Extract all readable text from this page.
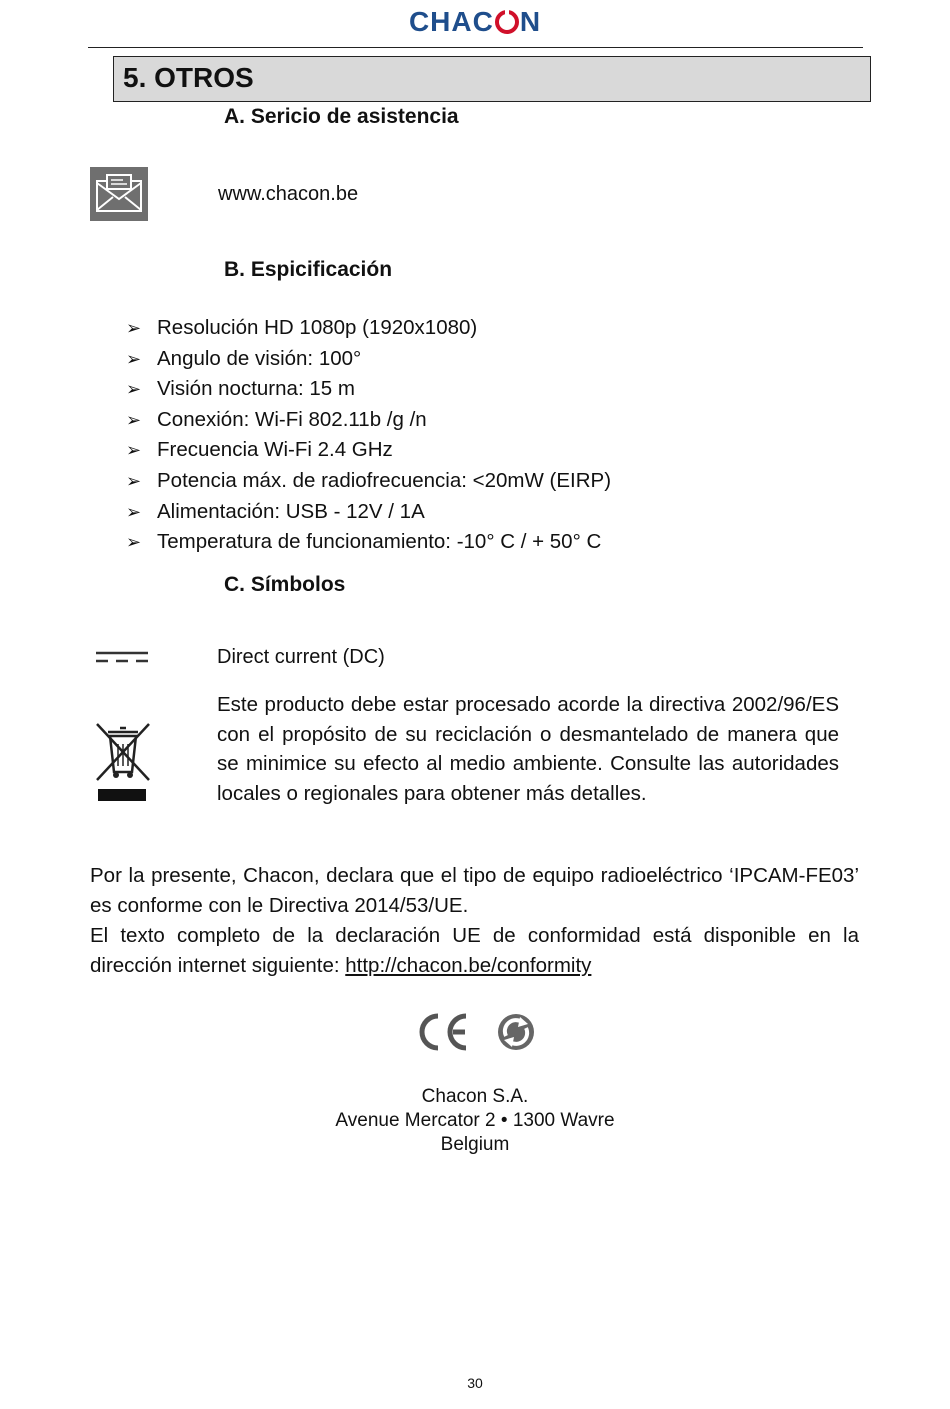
CHAC N
5. OTROS
A. Sericio de asistencia
www.chacon.be
B. Espicificación
➢ Resolución HD 1080p (1920x1080)
➢ Angulo de visión: 100°
➢ Visión nocturna: 15 m
➢ Conexión: Wi-Fi 802.11b /g /n
➢ Frecuencia Wi-Fi 2.4 GHz
➢ Potencia máx. de radiofrecuencia: <20mW (EIRP)
➢ Alimentación: USB - 12V / 1A
➢ Temperatura de funcionamiento: -10° C / + 50° C
C. Símbolos
Direct current (DC)
Este producto debe estar procesado acorde la directiva 2002/96/ES con el propósito de su reciclación o desmantelado de manera que se minimice su efecto al medio ambiente. Consulte las autoridades locales o regionales para obtener más detalles.
Por la presente, Chacon, declara que el tipo de equipo radioeléctrico ‘IPCAM-FE03’ es conforme con le Directiva 2014/53/UE.
El texto completo de la declaración UE de conformidad está disponible en la dirección internet siguiente: http://chacon.be/conformity

Chacon S.A.
Avenue Mercator 2 • 1300 Wavre
Belgium
30
